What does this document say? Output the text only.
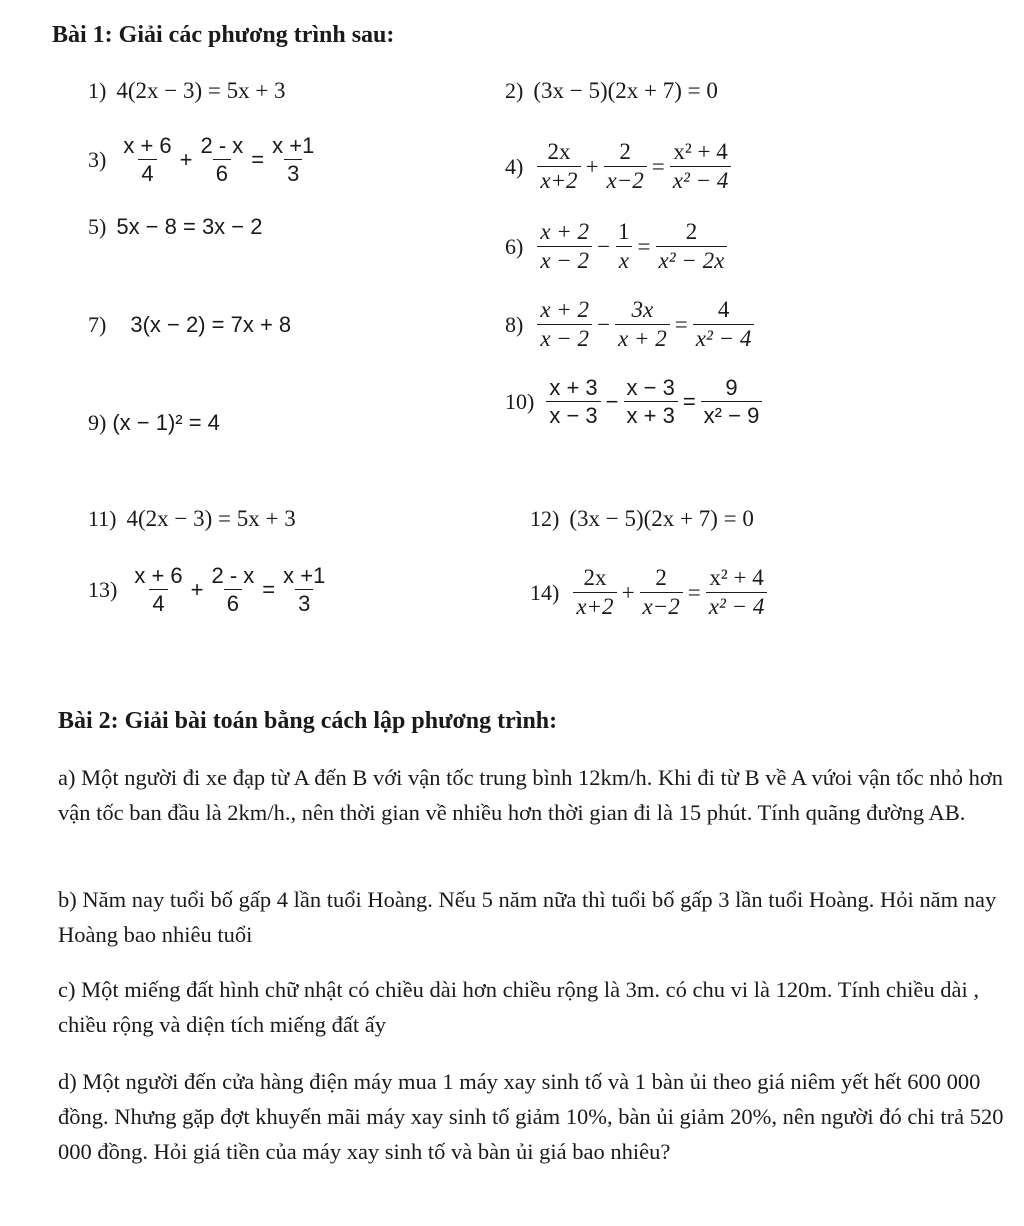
Bài 1: Giải các phương trình sau:
1) 4(2x − 3) = 5x + 3	2) (3x − 5)(2x + 7) = 0
$3) \frac{x + 6}{4} + \frac{2 - x}{6} = \frac{x +1}{3}$	$4) \frac{2x}{x+2} + \frac{2}{x-2} = \frac{\text{x² + 4}}{\text{x² − 4}}$
5) 5x − 8 = 3x − 2
$6) \frac{x + 2}{x - 2} - \frac{1}{x} = \frac{2}{\text{x² − 2x}}$
7) 3(x − 2) = 7x + 8	$8) \frac{x + 2}{x - 2} - \frac{3x}{x + 2} = \frac{4}{\text{x² − 4}}$
9) (x − 1)² = 4
$10) \frac{x + 3}{x - 3} - \frac{x - 3}{x + 3} = \frac{9}{\text{x² − 9}}$
11) 4(2x − 3) = 5x + 3	12) (3x − 5)(2x + 7) = 0
$13) \frac{x + 6}{4} + \frac{2 - x}{6} = \frac{x +1}{3}$	$14) \frac{2x}{x+2} + \frac{2}{x-2} = \frac{\text{x² + 4}}{\text{x² − 4}}$
Bài 2: Giải bài toán bằng cách lập phương trình:
a) Một người đi xe đạp từ A đến B với vận tốc trung bình 12km/h. Khi đi từ B về A vứoi vận tốc nhỏ hơn vận tốc ban đầu là 2km/h., nên thời gian về nhiều hơn thời gian đi là 15 phút. Tính quãng đường AB.
b) Năm nay tuổi bố gấp 4 lần tuổi Hoàng. Nếu 5 năm nữa thì tuổi bố gấp 3 lần tuổi Hoàng. Hỏi năm nay Hoàng bao nhiêu tuổi
c) Một miếng đất hình chữ nhật có chiều dài hơn chiều rộng là 3m. có chu vi là 120m. Tính chiều dài , chiều rộng và diện tích miếng đất ấy
d) Một người đến cửa hàng điện máy mua 1 máy xay sinh tố và 1 bàn ủi theo giá niêm yết hết 600 000 đồng. Nhưng gặp đợt khuyến mãi máy xay sinh tố giảm 10%, bàn ủi giảm 20%, nên người đó chi trả 520 000 đồng. Hỏi giá tiền của máy xay sinh tố và bàn ủi giá bao nhiêu?
